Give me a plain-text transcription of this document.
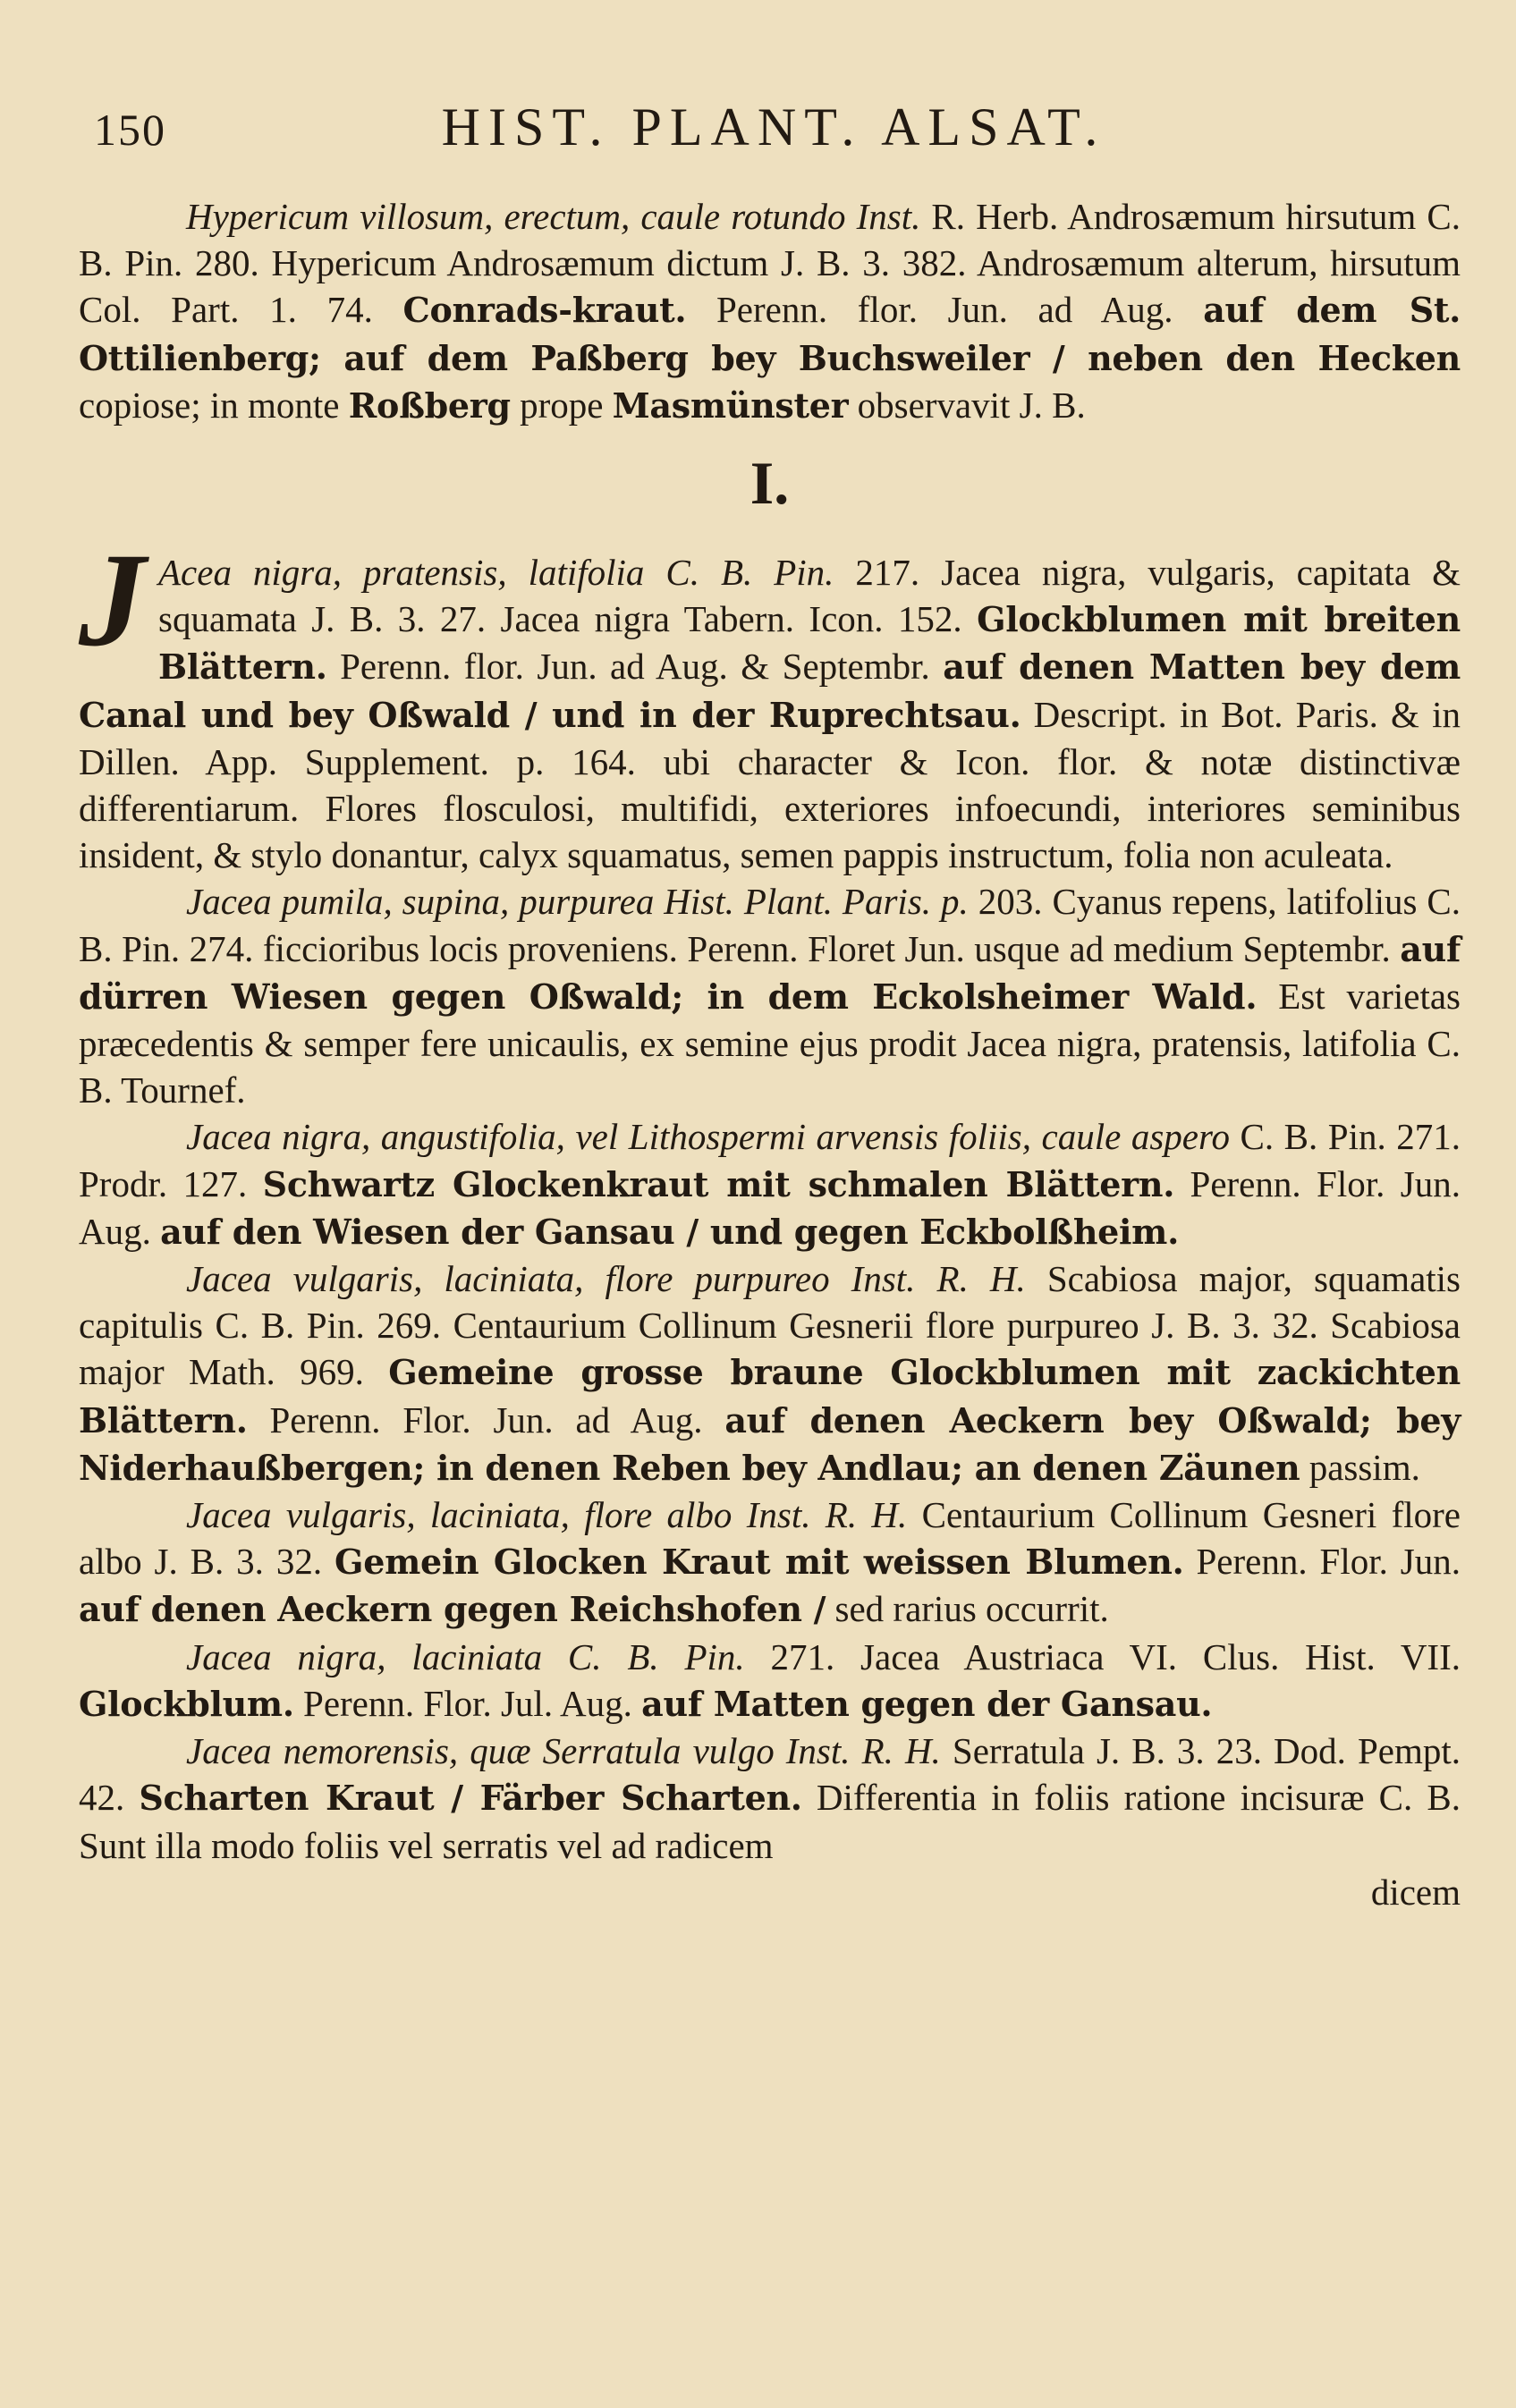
150	HIST. PLANT. ALSAT.

Hypericum villosum, erectum, caule rotundo Inst. R. Herb. Androsæmum hirsutum C. B. Pin. 280. Hypericum Androsæmum dictum J. B. 3. 382. Androsæmum alterum, hirsutum Col. Part. 1. 74. Conrads-kraut. Perenn. flor. Jun. ad Aug. auf dem St. Ottilienberg; auf dem Paßberg bey Buchsweiler / neben den Hecken copiose; in monte Roßberg prope Masmünster observavit J. B.

I.

J Acea nigra, pratensis, latifolia C. B. Pin. 217. Jacea nigra, vulgaris, capitata & squamata J. B. 3. 27. Jacea nigra Tabern. Icon. 152. Glockblumen mit breiten Blättern. Perenn. flor. Jun. ad Aug. & Septembr. auf denen Matten bey dem Canal und bey Oßwald / und in der Ruprechtsau. Descript. in Bot. Paris. & in Dillen. App. Supplement. p. 164. ubi character & Icon. flor. & notæ distinctivæ differentiarum. Flores flosculosi, multifidi, exteriores infoecundi, interiores seminibus insident, & stylo donantur, calyx squamatus, semen pappis instructum, folia non aculeata.

Jacea pumila, supina, purpurea Hist. Plant. Paris. p. 203. Cyanus repens, latifolius C. B. Pin. 274. ficcioribus locis proveniens. Perenn. Floret Jun. usque ad medium Septembr. auf dürren Wiesen gegen Oßwald; in dem Eckolsheimer Wald. Est varietas præcedentis & semper fere unicaulis, ex semine ejus prodit Jacea nigra, pratensis, latifolia C. B. Tournef.

Jacea nigra, angustifolia, vel Lithospermi arvensis foliis, caule aspero C. B. Pin. 271. Prodr. 127. Schwartz Glockenkraut mit schmalen Blättern. Perenn. Flor. Jun. Aug. auf den Wiesen der Gansau / und gegen Eckbolßheim.

Jacea vulgaris, laciniata, flore purpureo Inst. R. H. Scabiosa major, squamatis capitulis C. B. Pin. 269. Centaurium Collinum Gesnerii flore purpureo J. B. 3. 32. Scabiosa major Math. 969. Gemeine grosse braune Glockblumen mit zackichten Blättern. Perenn. Flor. Jun. ad Aug. auf denen Aeckern bey Oßwald; bey Niderhaußbergen; in denen Reben bey Andlau; an denen Zäunen passim.

Jacea vulgaris, laciniata, flore albo Inst. R. H. Centaurium Collinum Gesneri flore albo J. B. 3. 32. Gemein Glocken Kraut mit weissen Blumen. Perenn. Flor. Jun. auf denen Aeckern gegen Reichshofen / sed rarius occurrit.

Jacea nigra, laciniata C. B. Pin. 271. Jacea Austriaca VI. Clus. Hist. VII. Glockblum. Perenn. Flor. Jul. Aug. auf Matten gegen der Gansau.

Jacea nemorensis, quæ Serratula vulgo Inst. R. H. Serratula J. B. 3. 23. Dod. Pempt. 42. Scharten Kraut / Färber Scharten. Differentia in foliis ratione incisuræ C. B. Sunt illa modo foliis vel serratis vel ad radicem

dicem
